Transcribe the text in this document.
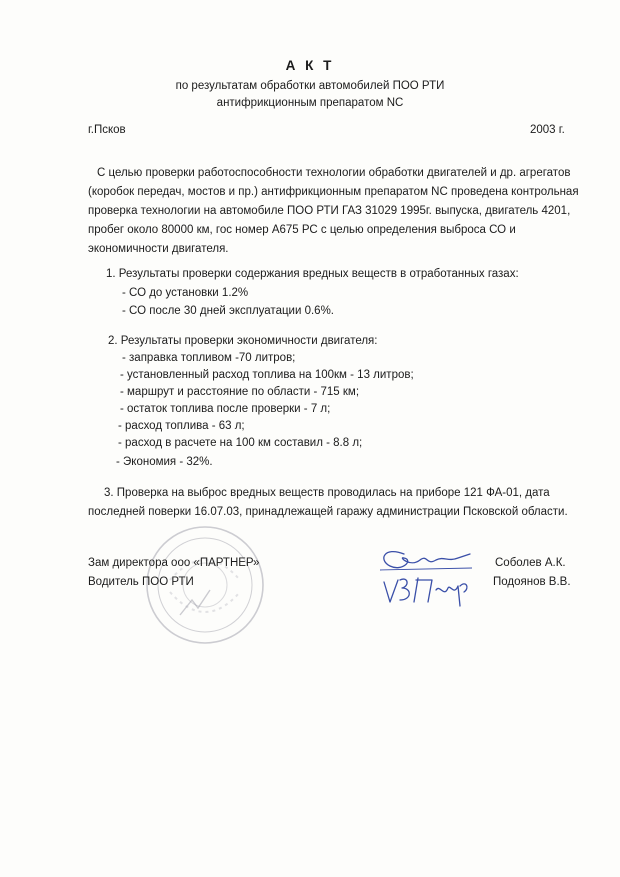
А К Т
по результатам обработки автомобилей ПОО РТИ
антифрикционным препаратом NC
г.Псков	2003 г.
С целью проверки работоспособности технологии обработки двигателей и др. агрегатов
(коробок передач, мостов и пр.) антифрикционным препаратом NC проведена контрольная
проверка технологии на автомобиле ПОО РТИ ГАЗ 31029 1995г. выпуска, двигатель 4201,
пробег около 80000 км, гос номер А675 РС с целью определения выброса СО и
экономичности двигателя.
1. Результаты проверки содержания вредных веществ в отработанных газах:
- СО до установки 1.2%
- СО после 30 дней эксплуатации 0.6%.
2. Результаты проверки экономичности двигателя:
- заправка топливом -70 литров;
- установленный расход топлива на 100км - 13 литров;
- маршрут и расстояние по области - 715 км;
- остаток топлива после проверки - 7 л;
- расход топлива - 63 л;
- расход в расчете на 100 км составил - 8.8 л;
- Экономия - 32%.
3. Проверка на выброс вредных веществ проводилась на приборе 121 ФА-01, дата
последней поверки 16.07.03, принадлежащей гаражу администрации Псковской области.
Зам директора ооо «ПАРТНЕР»
Водитель ПОО РТИ
Соболев А.К.
Подоянов В.В.
